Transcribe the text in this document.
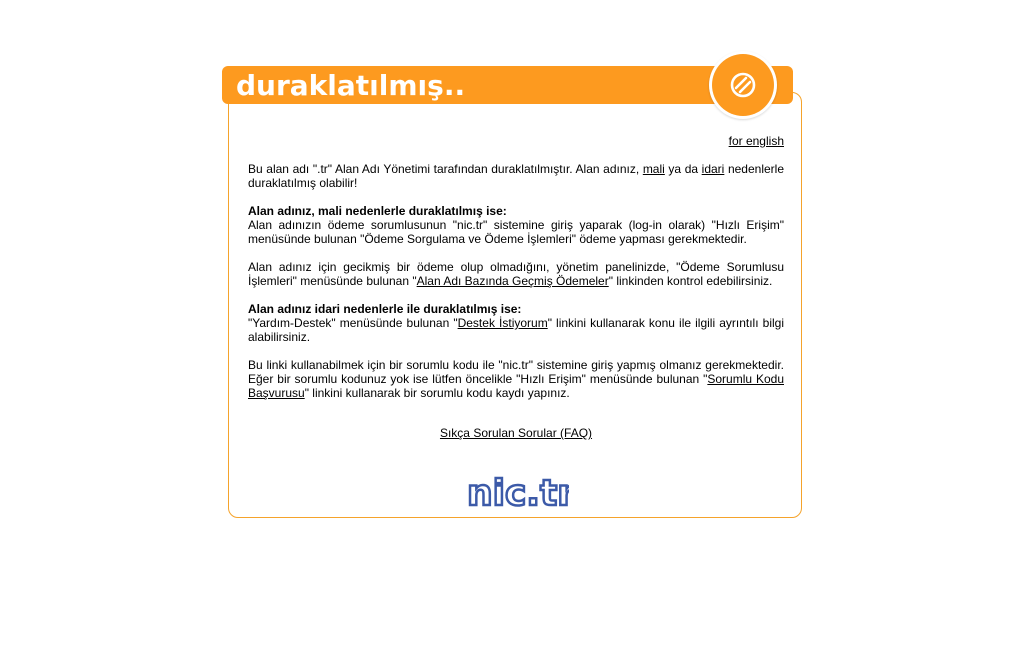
duraklatılmış..
for english

Bu alan adı ".tr" Alan Adı Yönetimi tarafından duraklatılmıştır. Alan adınız, mali ya da idari nedenlerle duraklatılmış olabilir!

Alan adınız, mali nedenlerle duraklatılmış ise:
Alan adınızın ödeme sorumlusunun "nic.tr" sistemine giriş yaparak (log-in olarak) "Hızlı Erişim" menüsünde bulunan "Ödeme Sorgulama ve Ödeme İşlemleri" ödeme yapması gerekmektedir.

Alan adınız için gecikmiş bir ödeme olup olmadığını, yönetim panelinizde, "Ödeme Sorumlusu İşlemleri" menüsünde bulunan "Alan Adı Bazında Geçmiş Ödemeler" linkinden kontrol edebilirsiniz.

Alan adınız idari nedenlerle ile duraklatılmış ise:
"Yardım-Destek" menüsünde bulunan "Destek İstiyorum" linkini kullanarak konu ile ilgili ayrıntılı bilgi alabilirsiniz.

Bu linki kullanabilmek için bir sorumlu kodu ile "nic.tr" sistemine giriş yapmış olmanız gerekmektedir. Eğer bir sorumlu kodunuz yok ise lütfen öncelikle "Hızlı Erişim" menüsünde bulunan "Sorumlu Kodu Başvurusu" linkini kullanarak bir sorumlu kodu kaydı yapınız.

Sıkça Sorulan Sorular (FAQ)
nic.tr
